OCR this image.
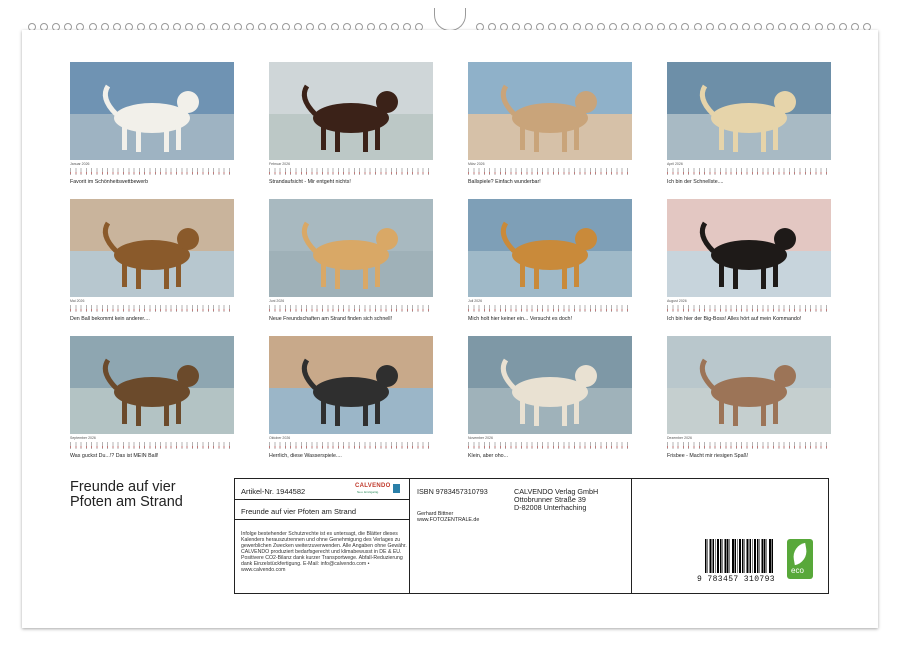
Januar 2026
Favorit im Schönheitswettbewerb
Februar 2026
Strandaufsicht - Mir entgeht nichts!
März 2026
Ballspiele? Einfach wunderbar!
April 2026
Ich bin der Schnellste....
Mai 2026
Den Ball bekommt kein anderer....
Juni 2026
Neue Freundschaften am Strand finden sich schnell!
Juli 2026
Mich holt hier keiner ein... Versucht es doch!
August 2026
Ich bin hier der Big-Boss! Alles hört auf mein Kommando!
September 2026
Was guckst Du...!? Das ist MEIN Ball!
Oktober 2026
Herrlich, diese Wasserspiele....
November 2026
Klein, aber oho...
Dezember 2026
Frisbee - Macht mir riesigen Spaß!
Freunde auf vier
Pfoten am Strand
Artikel-Nr. 1944582
CALVENDO
Neu. Einzigartig.
Freunde auf vier Pfoten am Strand
Infolge bestehender Schutzrechte ist es untersagt, die Blätter dieses Kalenders herauszutrennen und ohne Genehmigung des Verlages zu gewerblichen Zwecken weiterzuverwenden. Alle Angaben ohne Gewähr. CALVENDO produziert bedarfsgerecht und klimabewusst in DE & EU. Positivere CO2-Bilanz dank kurzer Transportwege. Abfall-Reduzierung dank Einzelstückfertigung. E-Mail: info@calvendo.com • www.calvendo.com
ISBN 9783457310793
Gerhard Bittner
www.FOTOZENTRALE.de
CALVENDO Verlag GmbH
Ottobrunner Straße 39
D-82008 Unterhaching
9 783457 310793
eco
